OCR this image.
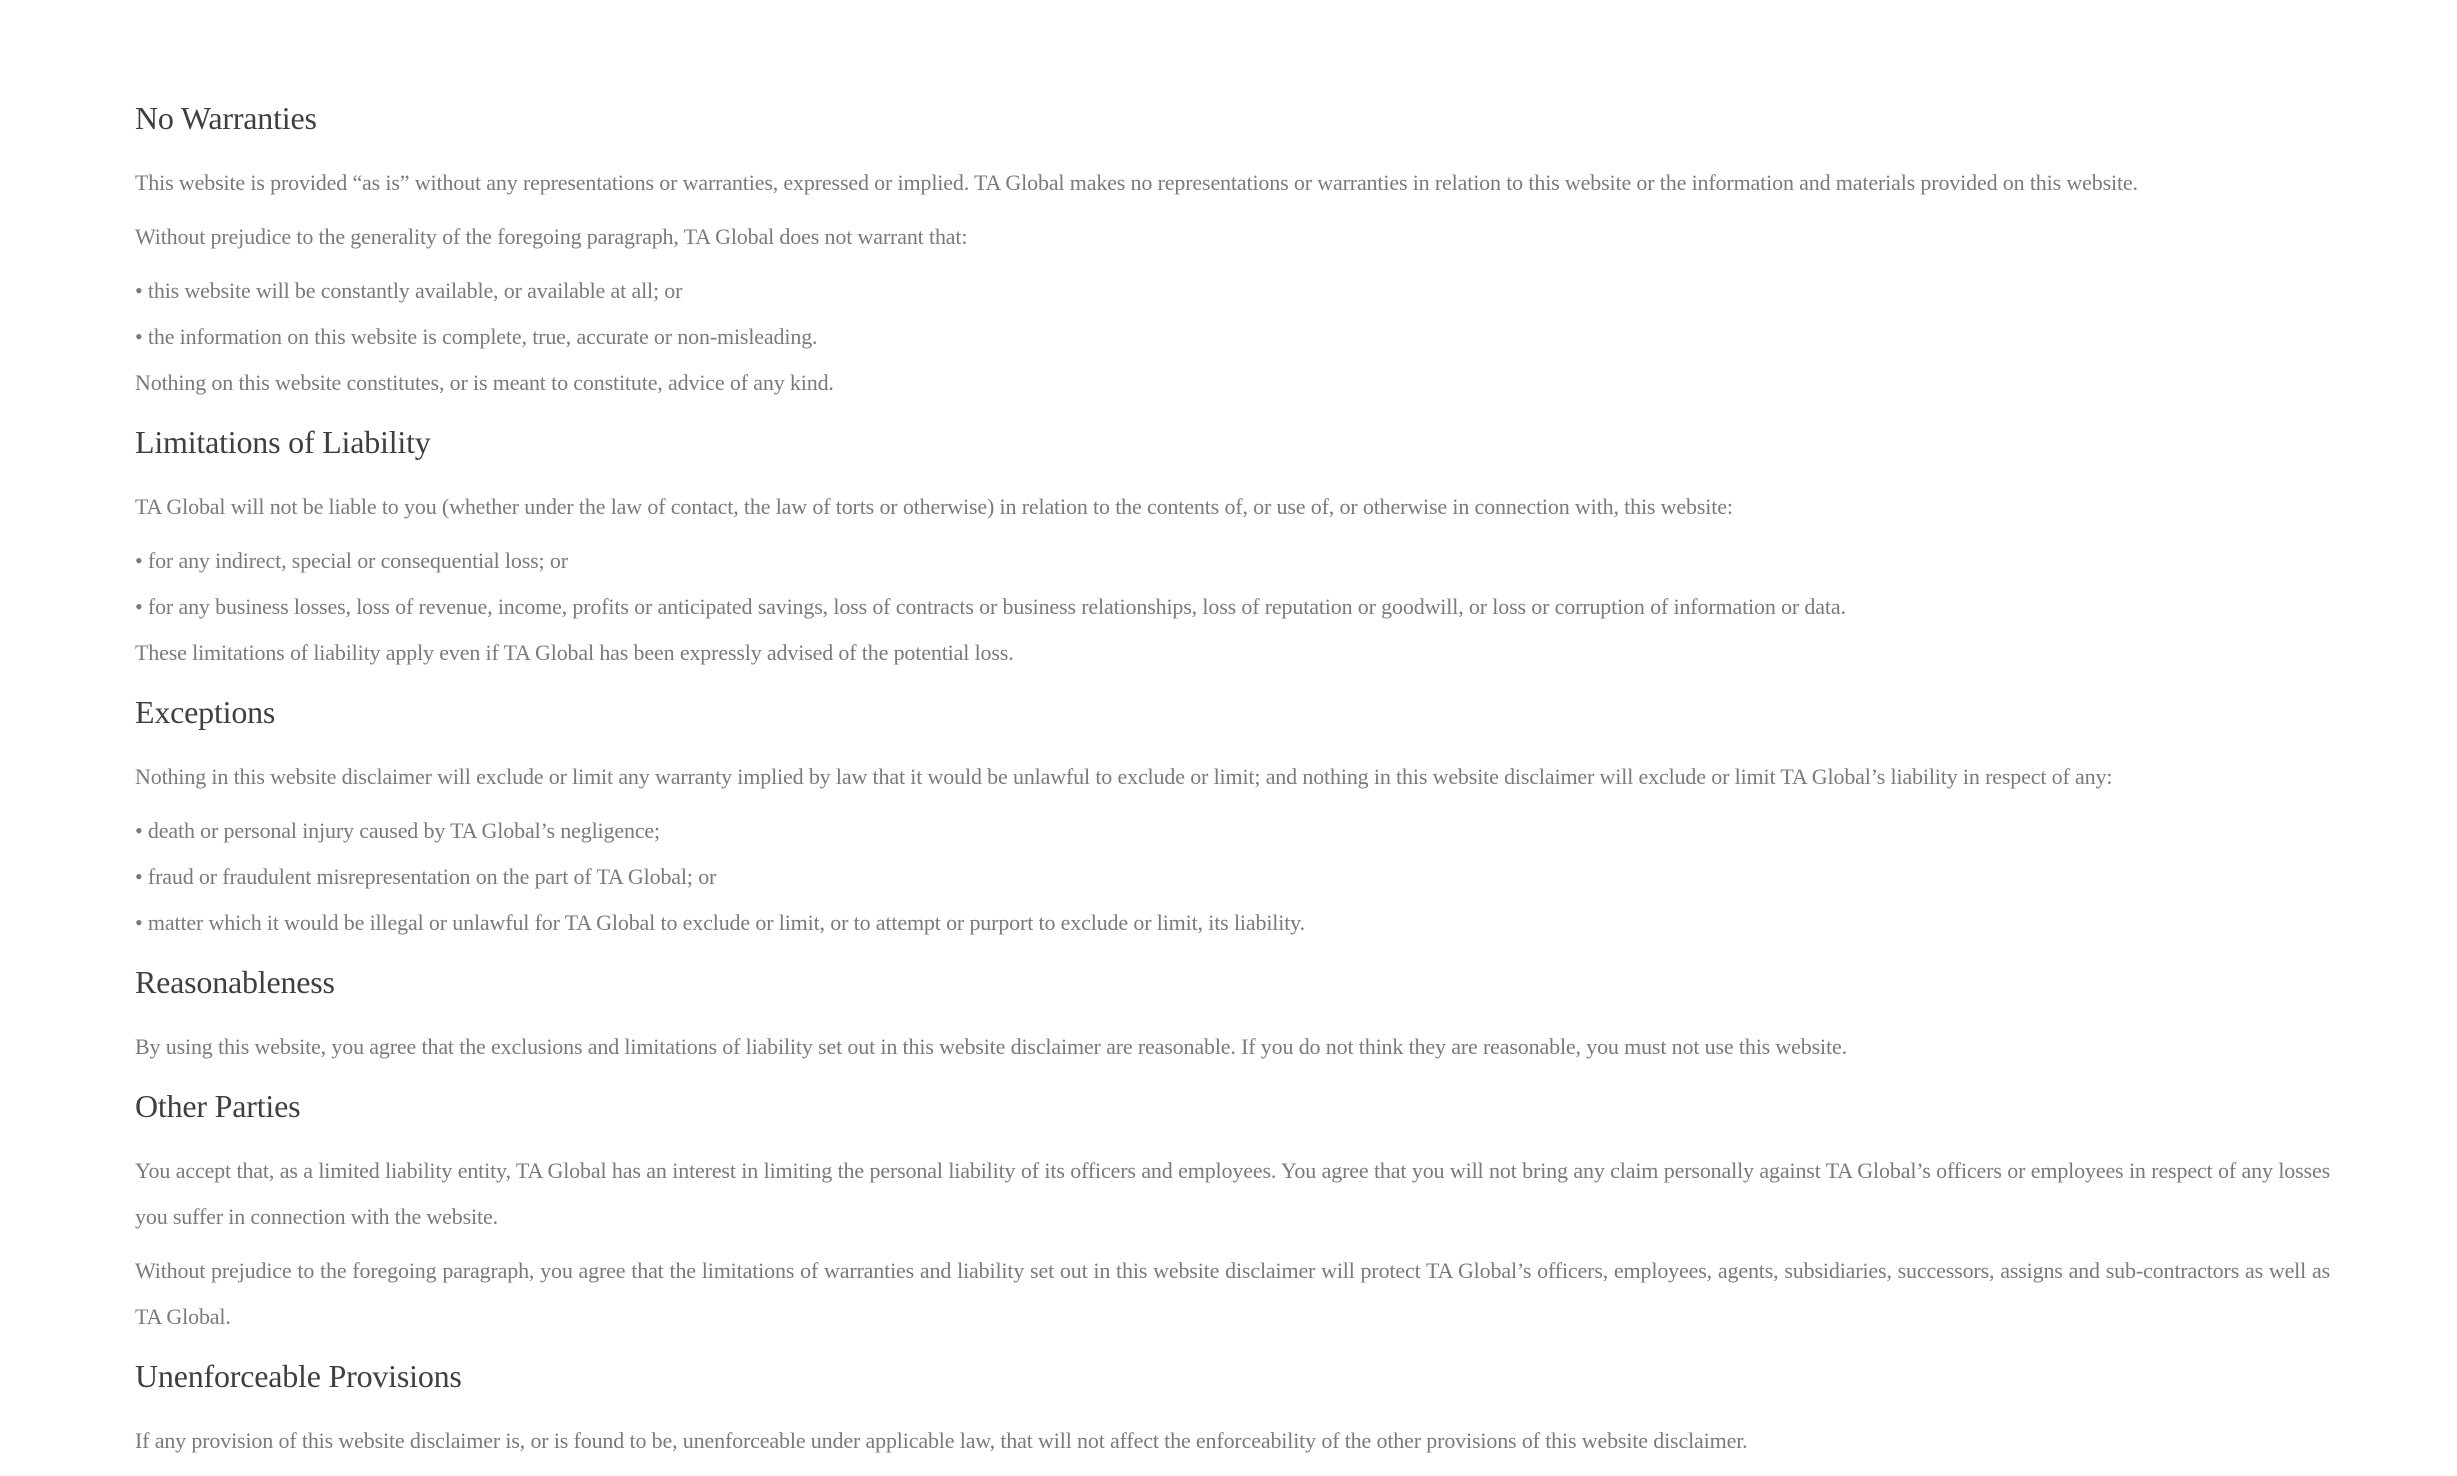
No Warranties

This website is provided “as is” without any representations or warranties, expressed or implied. TA Global makes no representations or warranties in relation to this website or the information and materials provided on this website.

Without prejudice to the generality of the foregoing paragraph, TA Global does not warrant that:

• this website will be constantly available, or available at all; or

• the information on this website is complete, true, accurate or non-misleading.

Nothing on this website constitutes, or is meant to constitute, advice of any kind.

Limitations of Liability

TA Global will not be liable to you (whether under the law of contact, the law of torts or otherwise) in relation to the contents of, or use of, or otherwise in connection with, this website:

• for any indirect, special or consequential loss; or

• for any business losses, loss of revenue, income, profits or anticipated savings, loss of contracts or business relationships, loss of reputation or goodwill, or loss or corruption of information or data.

These limitations of liability apply even if TA Global has been expressly advised of the potential loss.

Exceptions

Nothing in this website disclaimer will exclude or limit any warranty implied by law that it would be unlawful to exclude or limit; and nothing in this website disclaimer will exclude or limit TA Global’s liability in respect of any:

• death or personal injury caused by TA Global’s negligence;

• fraud or fraudulent misrepresentation on the part of TA Global; or

• matter which it would be illegal or unlawful for TA Global to exclude or limit, or to attempt or purport to exclude or limit, its liability.

Reasonableness

By using this website, you agree that the exclusions and limitations of liability set out in this website disclaimer are reasonable. If you do not think they are reasonable, you must not use this website.

Other Parties

You accept that, as a limited liability entity, TA Global has an interest in limiting the personal liability of its officers and employees. You agree that you will not bring any claim personally against TA Global’s officers or employees in respect of any losses you suffer in connection with the website.

Without prejudice to the foregoing paragraph, you agree that the limitations of warranties and liability set out in this website disclaimer will protect TA Global’s officers, employees, agents, subsidiaries, successors, assigns and sub-contractors as well as TA Global.

Unenforceable Provisions

If any provision of this website disclaimer is, or is found to be, unenforceable under applicable law, that will not affect the enforceability of the other provisions of this website disclaimer.
